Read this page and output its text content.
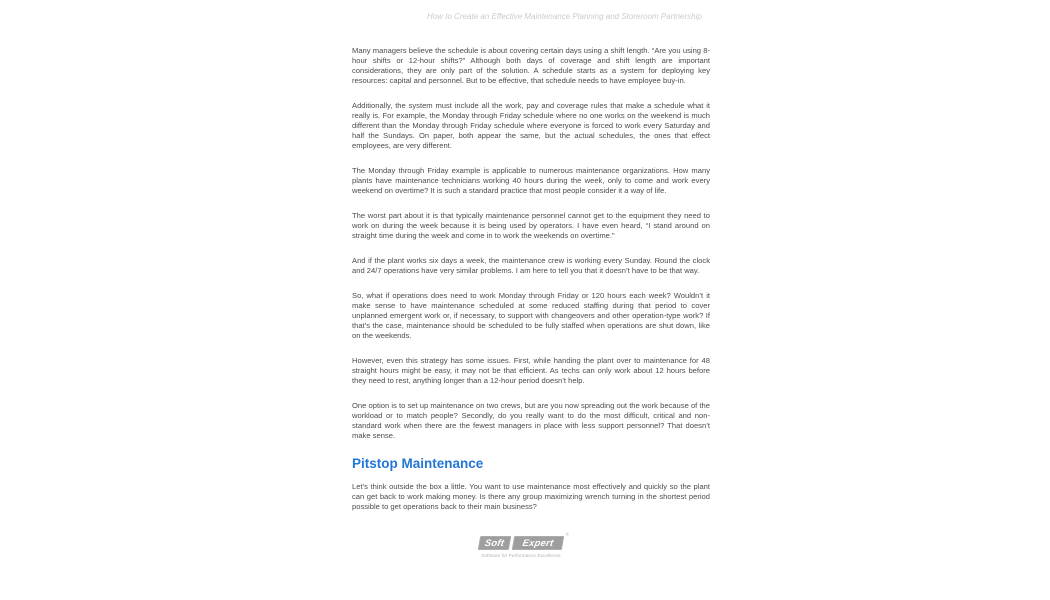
How to Create an Effective Maintenance Planning and Storeroom Partnership

Many managers believe the schedule is about covering certain days using a shift length. “Are you using 8-hour shifts or 12-hour shifts?” Although both days of coverage and shift length are important considerations, they are only part of the solution. A schedule starts as a system for deploying key resources: capital and personnel. But to be effective, that schedule needs to have employee buy-in.

Additionally, the system must include all the work, pay and coverage rules that make a schedule what it really is. For example, the Monday through Friday schedule where no one works on the weekend is much different than the Monday through Friday schedule where everyone is forced to work every Saturday and half the Sundays. On paper, both appear the same, but the actual schedules, the ones that effect employees, are very different.

The Monday through Friday example is applicable to numerous maintenance organizations. How many plants have maintenance technicians working 40 hours during the week, only to come and work every weekend on overtime? It is such a standard practice that most people consider it a way of life.

The worst part about it is that typically maintenance personnel cannot get to the equipment they need to work on during the week because it is being used by operators. I have even heard, “I stand around on straight time during the week and come in to work the weekends on overtime.”

And if the plant works six days a week, the maintenance crew is working every Sunday. Round the clock and 24/7 operations have very similar problems. I am here to tell you that it doesn’t have to be that way.

So, what if operations does need to work Monday through Friday or 120 hours each week? Wouldn’t it make sense to have maintenance scheduled at some reduced staffing during that period to cover unplanned emergent work or, if necessary, to support with changeovers and other operation-type work? If that’s the case, maintenance should be scheduled to be fully staffed when operations are shut down, like on the weekends.

However, even this strategy has some issues. First, while handing the plant over to maintenance for 48 straight hours might be easy, it may not be that efficient. As techs can only work about 12 hours before they need to rest, anything longer than a 12-hour period doesn’t help.

One option is to set up maintenance on two crews, but are you now spreading out the work because of the workload or to match people? Secondly, do you really want to do the most difficult, critical and non-standard work when there are the fewest managers in place with less support personnel? That doesn’t make sense.

Pitstop Maintenance

Let’s think outside the box a little. You want to use maintenance most effectively and quickly so the plant can get back to work making money. Is there any group maximizing wrench turning in the shortest period possible to get operations back to their main business?

Soft Expert
®
Software for Performance Excellence
